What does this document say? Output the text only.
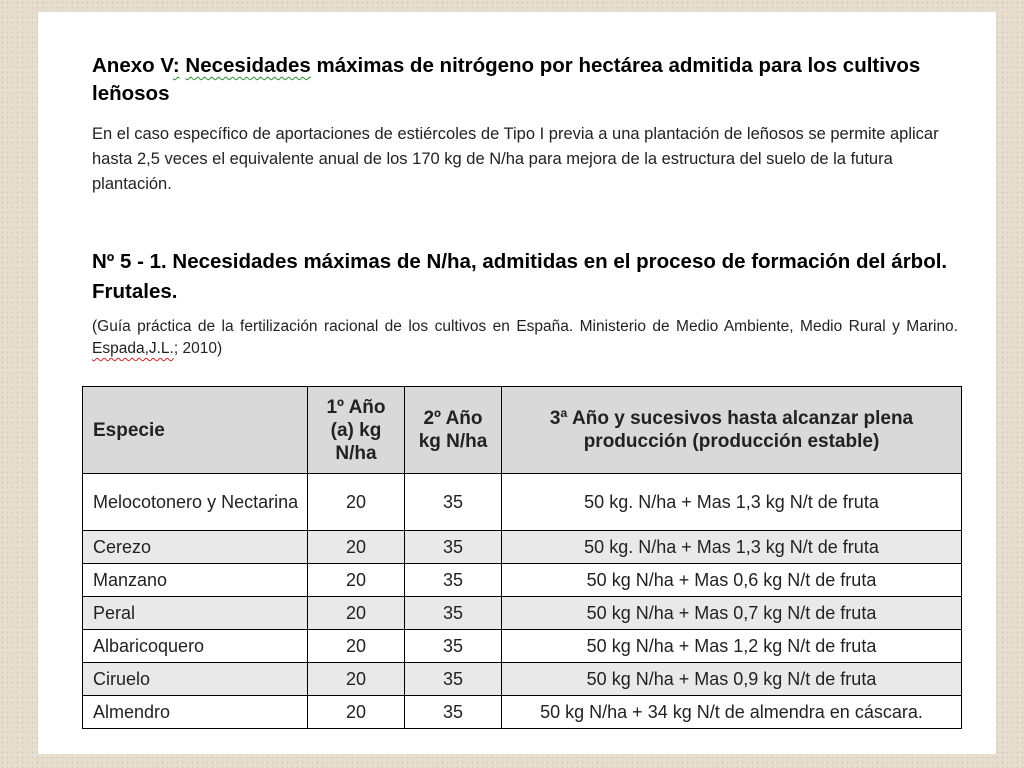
Anexo V: Necesidades máximas de nitrógeno por hectárea admitida para los cultivos leñosos
En el caso específico de aportaciones de estiércoles de Tipo I previa a una plantación de leñosos se permite aplicar hasta 2,5 veces el equivalente anual de los 170 kg de N/ha para mejora de la estructura del suelo de la futura plantación.
Nº 5 - 1. Necesidades máximas de N/ha, admitidas en el proceso de formación del árbol. Frutales.
(Guía práctica de la fertilización racional de los cultivos en España. Ministerio de Medio Ambiente, Medio Rural y Marino. Espada,J.L.; 2010)
Especie	1º Año (a) kg N/ha	2º Año kg N/ha	3ª Año y sucesivos hasta alcanzar plena producción (producción estable)
Melocotonero y Nectarina	20	35	50 kg. N/ha + Mas 1,3 kg N/t de fruta
Cerezo	20	35	50 kg. N/ha + Mas 1,3 kg N/t de fruta
Manzano	20	35	50 kg N/ha + Mas 0,6 kg N/t de fruta
Peral	20	35	50 kg N/ha + Mas 0,7 kg N/t de fruta
Albaricoquero	20	35	50 kg N/ha + Mas 1,2 kg N/t de fruta
Ciruelo	20	35	50 kg N/ha + Mas 0,9 kg N/t de fruta
Almendro	20	35	50 kg N/ha + 34 kg N/t de almendra en cáscara.
